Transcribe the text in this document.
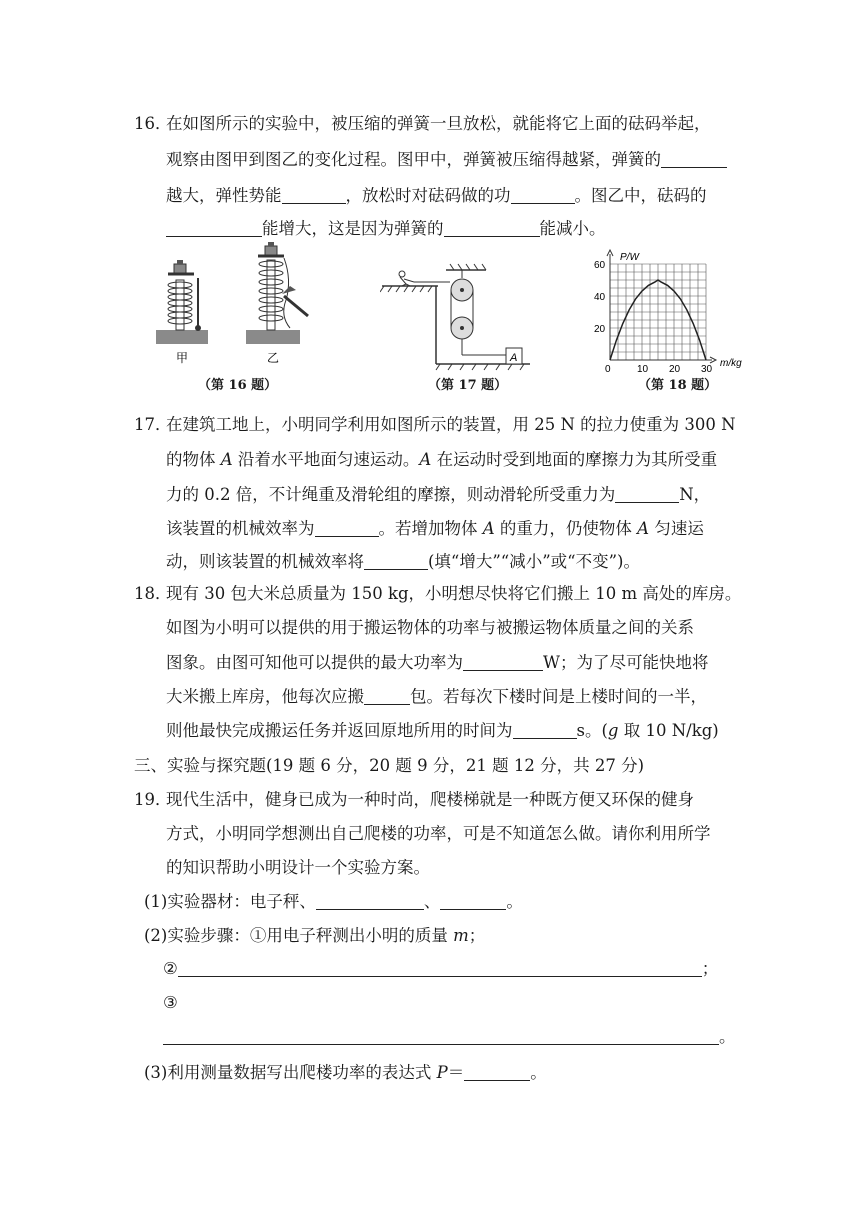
16．
在如图所示的实验中，被压缩的弹簧一旦放松，就能将它上面的砝码举起，
观察由图甲到图乙的变化过程。图甲中，弹簧被压缩得越紧，弹簧的
越大，弹性势能	，放松时对砝码做的功	。图乙中，砝码的
能增大，这是因为弹簧的	能减小。
甲	乙	A
0	10 20 30
20
40
60
P/W
m/kg
（第 16 题）	（第 17 题）	（第 18 题）
17．
在建筑工地上，小明同学利用如图所示的装置，用 25 N 的拉力使重为 300 N
的物体 A 沿着水平地面匀速运动。A 在运动时受到地面的摩擦力为其所受重
力的 0.2 倍，不计绳重及滑轮组的摩擦，则动滑轮所受重力为	N，
该装置的机械效率为	。若增加物体 A 的重力，仍使物体 A 匀速运
动，则该装置的机械效率将	(填“增大”“减小”或“不变”)。
18．
现有 30 包大米总质量为 150 kg，小明想尽快将它们搬上 10 m 高处的库房。
如图为小明可以提供的用于搬运物体的功率与被搬运物体质量之间的关系
图象。由图可知他可以提供的最大功率为	W；为了尽可能快地将
大米搬上库房，他每次应搬	包。若每次下楼时间是上楼时间的一半，
则他最快完成搬运任务并返回原地所用的时间为	s。(g 取 10 N/kg)
三、实验与探究题(19 题 6 分，20 题 9 分，21 题 12 分，共 27 分)
19．
现代生活中，健身已成为一种时尚，爬楼梯就是一种既方便又环保的健身
方式，小明同学想测出自己爬楼的功率，可是不知道怎么做。请你利用所学
的知识帮助小明设计一个实验方案。
(1)实验器材：电子秤、	、	。
(2)实验步骤：①用电子秤测出小明的质量 m；
②	；
③
。
(3)利用测量数据写出爬楼功率的表达式 P＝	。
